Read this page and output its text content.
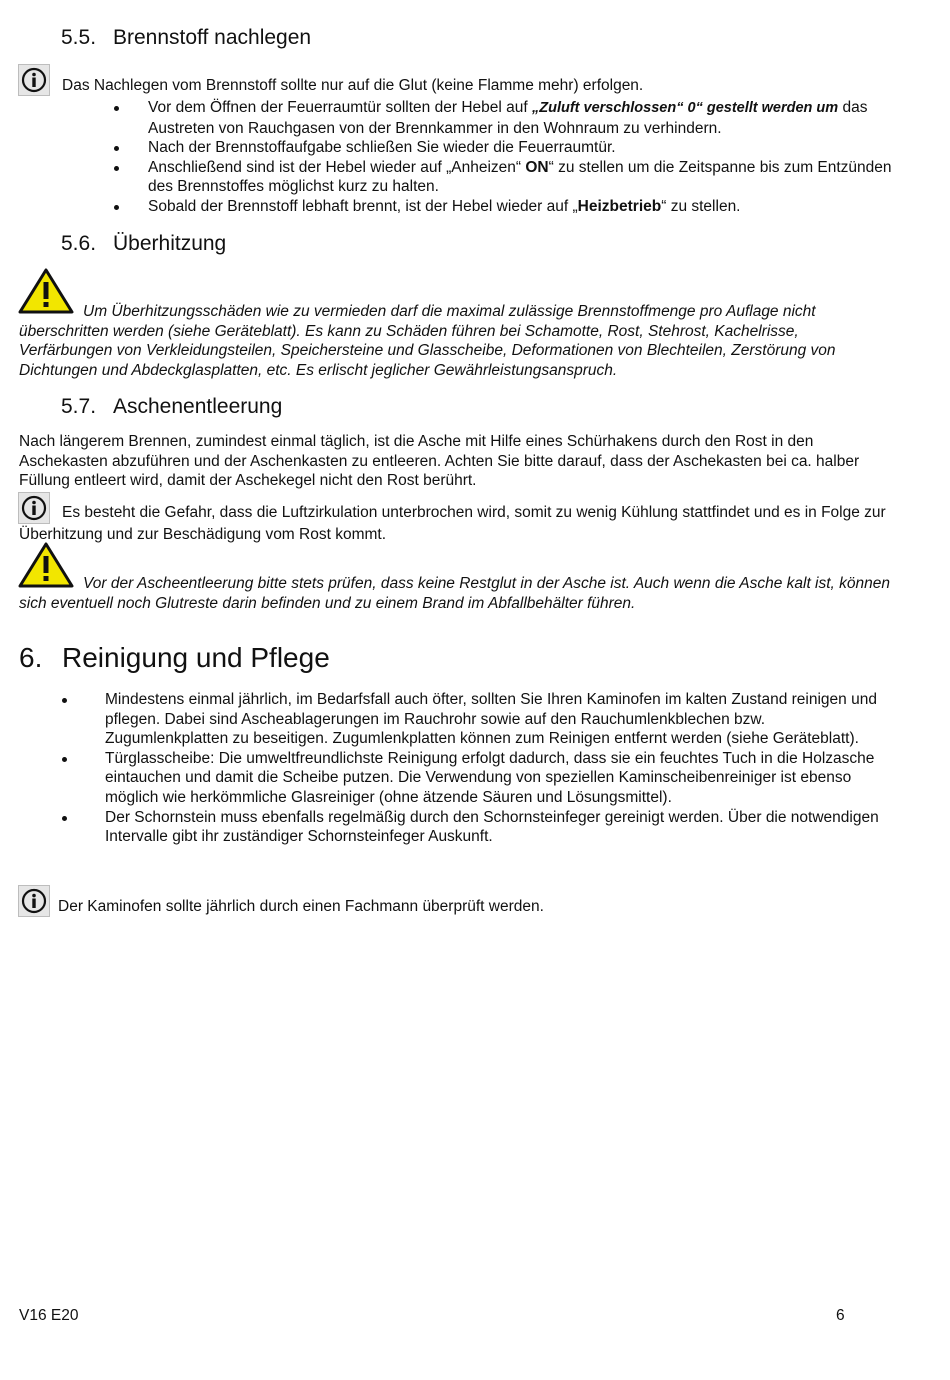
5.5. Brennstoff nachlegen
Das Nachlegen vom Brennstoff sollte nur auf die Glut (keine Flamme mehr) erfolgen.
Vor dem Öffnen der Feuerraumtür sollten der Hebel auf „Zuluft verschlossen“ 0“ gestellt werden um das Austreten von Rauchgasen von der Brennkammer in den Wohnraum zu verhindern.
Nach der Brennstoffaufgabe schließen Sie wieder die Feuerraumtür.
Anschließend sind ist der Hebel wieder auf „Anheizen“ ON“ zu stellen um die Zeitspanne bis zum Entzünden des Brennstoffes möglichst kurz zu halten.
Sobald der Brennstoff lebhaft brennt, ist der Hebel wieder auf „Heizbetrieb“ zu stellen.
5.6. Überhitzung
Um Überhitzungsschäden wie zu vermieden darf die maximal zulässige Brennstoffmenge pro Auflage nicht überschritten werden (siehe Geräteblatt). Es kann zu Schäden führen bei Schamotte, Rost, Stehrost, Kachelrisse, Verfärbungen von Verkleidungsteilen, Speichersteine und Glasscheibe, Deformationen von Blechteilen, Zerstörung von Dichtungen und Abdeckglasplatten, etc. Es erlischt jeglicher Gewährleistungsanspruch.
5.7. Aschenentleerung
Nach längerem Brennen, zumindest einmal täglich, ist die Asche mit Hilfe eines Schürhakens durch den Rost in den Aschekasten abzuführen und der Aschenkasten zu entleeren. Achten Sie bitte darauf, dass der Aschekasten bei ca. halber Füllung entleert wird, damit der Aschekegel nicht den Rost berührt.
Es besteht die Gefahr, dass die Luftzirkulation unterbrochen wird, somit zu wenig Kühlung stattfindet und es in Folge zur Überhitzung und zur Beschädigung vom Rost kommt.
Vor der Ascheentleerung bitte stets prüfen, dass keine Restglut in der Asche ist. Auch wenn die Asche kalt ist, können sich eventuell noch Glutreste darin befinden und zu einem Brand im Abfallbehälter führen.
6. Reinigung und Pflege
Mindestens einmal jährlich, im Bedarfsfall auch öfter, sollten Sie Ihren Kaminofen im kalten Zustand reinigen und pflegen. Dabei sind Ascheablagerungen im Rauchrohr sowie auf den Rauchumlenkblechen bzw. Zugumlenkplatten zu beseitigen. Zugumlenkplatten können zum Reinigen entfernt werden (siehe Geräteblatt).
Türglasscheibe: Die umweltfreundlichste Reinigung erfolgt dadurch, dass sie ein feuchtes Tuch in die Holzasche eintauchen und damit die Scheibe putzen. Die Verwendung von speziellen Kaminscheibenreiniger ist ebenso möglich wie herkömmliche Glasreiniger (ohne ätzende Säuren und Lösungsmittel).
Der Schornstein muss ebenfalls regelmäßig durch den Schornsteinfeger gereinigt werden. Über die notwendigen Intervalle gibt ihr zuständiger Schornsteinfeger Auskunft.
Der Kaminofen sollte jährlich durch einen Fachmann überprüft werden.
V16 E20	6
